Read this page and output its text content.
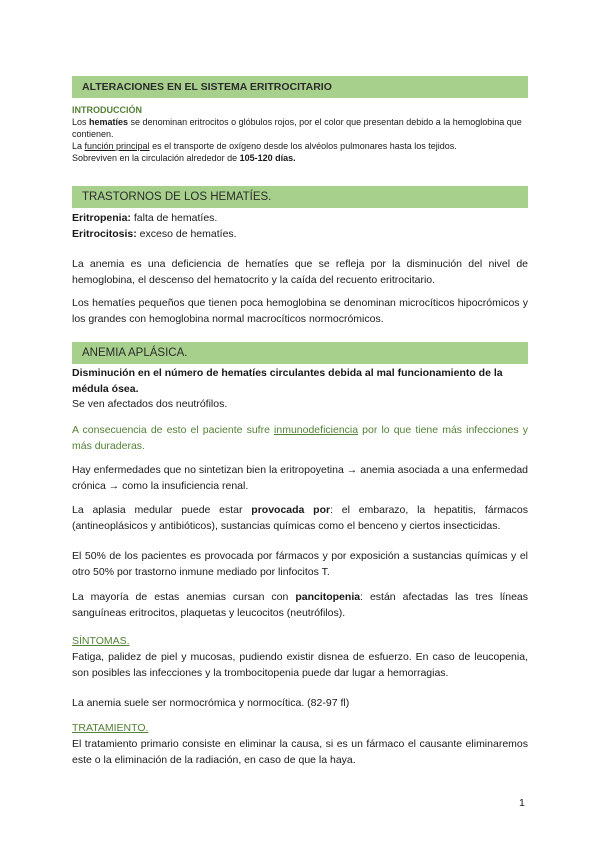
ALTERACIONES EN EL SISTEMA ERITROCITARIO
INTRODUCCIÓN
Los hematíes se denominan eritrocitos o glóbulos rojos, por el color que presentan debido a la hemoglobina que contienen.
La función principal es el transporte de oxígeno desde los alvéolos pulmonares hasta los tejidos.
Sobreviven en la circulación alrededor de 105-120 días.
TRASTORNOS DE LOS HEMATÍES.
Eritropenia: falta de hematíes.
Eritrocitosis: exceso de hematíes.
La anemia es una deficiencia de hematíes que se refleja por la disminución del nivel de hemoglobina, el descenso del hematocrito y la caída del recuento eritrocitario.
Los hematíes pequeños que tienen poca hemoglobina se denominan microcíticos hipocrómicos y los grandes con hemoglobina normal macrocíticos normocrómicos.
ANEMIA APLÁSICA.
Disminución en el número de hematíes circulantes debida al mal funcionamiento de la médula ósea.
Se ven afectados dos neutrófilos.
A consecuencia de esto el paciente sufre inmunodeficiencia por lo que tiene más infecciones y más duraderas.
Hay enfermedades que no sintetizan bien la eritropoyetina → anemia asociada a una enfermedad crónica → como la insuficiencia renal.
La aplasia medular puede estar provocada por: el embarazo, la hepatitis, fármacos (antineoplásicos y antibióticos), sustancias químicas como el benceno y ciertos insecticidas.
El 50% de los pacientes es provocada por fármacos y por exposición a sustancias químicas y el otro 50% por trastorno inmune mediado por linfocitos T.
La mayoría de estas anemias cursan con pancitopenia: están afectadas las tres líneas sanguíneas eritrocitos, plaquetas y leucocitos (neutrófilos).
SÍNTOMAS.
Fatiga, palidez de piel y mucosas, pudiendo existir disnea de esfuerzo. En caso de leucopenia, son posibles las infecciones y la trombocitopenia puede dar lugar a hemorragias.
La anemia suele ser normocrómica y normocítica. (82-97 fl)
TRATAMIENTO.
El tratamiento primario consiste en eliminar la causa, si es un fármaco el causante eliminaremos este o la eliminación de la radiación, en caso de que la haya.
1
